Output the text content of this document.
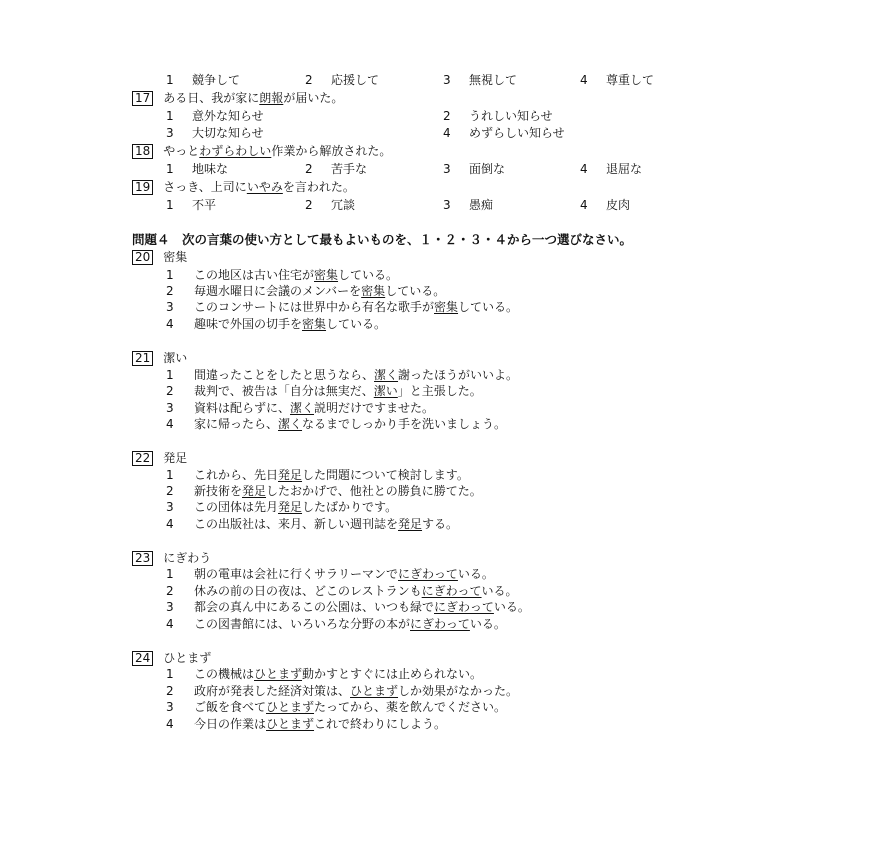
1 競争して	2 応援して	3 無視して	4 尊重して
17 ある日、我が家に朗報が届いた。
1 意外な知らせ	2 うれしい知らせ
3 大切な知らせ	4 めずらしい知らせ
18 やっとわずらわしい作業から解放された。
1 地味な	2 苦手な	3 面倒な	4 退屈な
19 さっき、上司にいやみを言われた。
1 不平	2 冗談	3 愚痴	4 皮肉
問題４　次の言葉の使い方として最もよいものを、１・２・３・４から一つ選びなさい。
20 密集
1 この地区は古い住宅が密集している。
2 毎週水曜日に会議のメンバーを密集している。
3 このコンサートには世界中から有名な歌手が密集している。
4 趣味で外国の切手を密集している。
21 潔い
1 間違ったことをしたと思うなら、潔く謝ったほうがいいよ。
2 裁判で、被告は「自分は無実だ、潔い」と主張した。
3 資料は配らずに、潔く説明だけですませた。
4 家に帰ったら、潔くなるまでしっかり手を洗いましょう。
22 発足
1 これから、先日発足した問題について検討します。
2 新技術を発足したおかげで、他社との勝負に勝てた。
3 この団体は先月発足したばかりです。
4 この出版社は、来月、新しい週刊誌を発足する。
23 にぎわう
1 朝の電車は会社に行くサラリーマンでにぎわっている。
2 休みの前の日の夜は、どこのレストランもにぎわっている。
3 都会の真ん中にあるこの公園は、いつも緑でにぎわっている。
4 この図書館には、いろいろな分野の本がにぎわっている。
24 ひとまず
1 この機械はひとまず動かすとすぐには止められない。
2 政府が発表した経済対策は、ひとまずしか効果がなかった。
3 ご飯を食べてひとまずたってから、薬を飲んでください。
4 今日の作業はひとまずこれで終わりにしよう。
